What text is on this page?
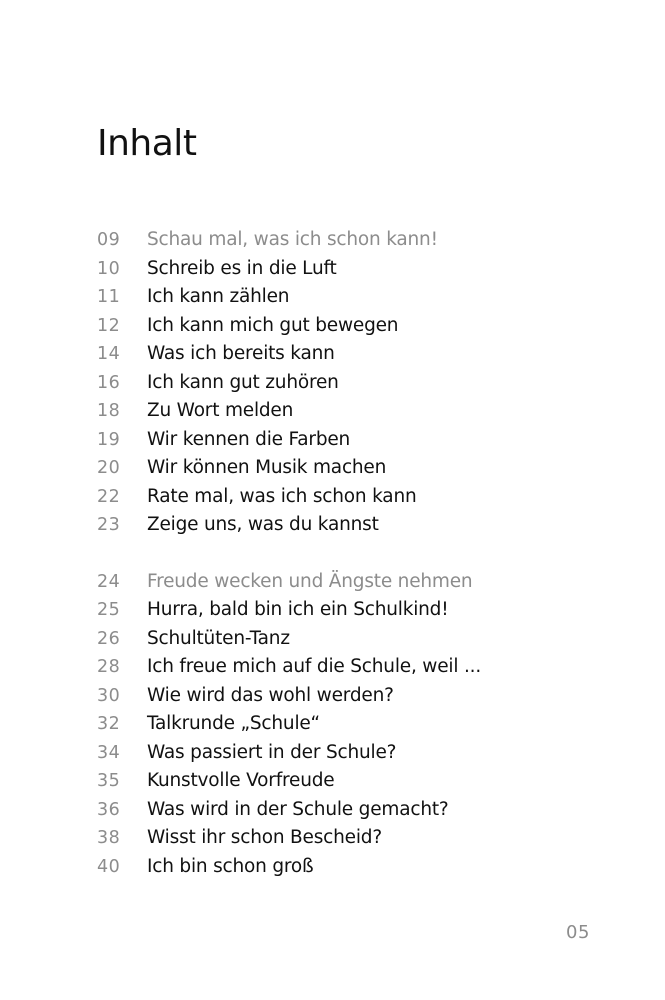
Inhalt
09	Schau mal, was ich schon kann!
10	Schreib es in die Luft
11	Ich kann zählen
12	Ich kann mich gut bewegen
14	Was ich bereits kann
16	Ich kann gut zuhören
18	Zu Wort melden
19	Wir kennen die Farben
20	Wir können Musik machen
22	Rate mal, was ich schon kann
23	Zeige uns, was du kannst
24	Freude wecken und Ängste nehmen
25	Hurra, bald bin ich ein Schulkind!
26	Schultüten-Tanz
28	Ich freue mich auf die Schule, weil ...
30	Wie wird das wohl werden?
32	Talkrunde „Schule“
34	Was passiert in der Schule?
35	Kunstvolle Vorfreude
36	Was wird in der Schule gemacht?
38	Wisst ihr schon Bescheid?
40	Ich bin schon groß
05
